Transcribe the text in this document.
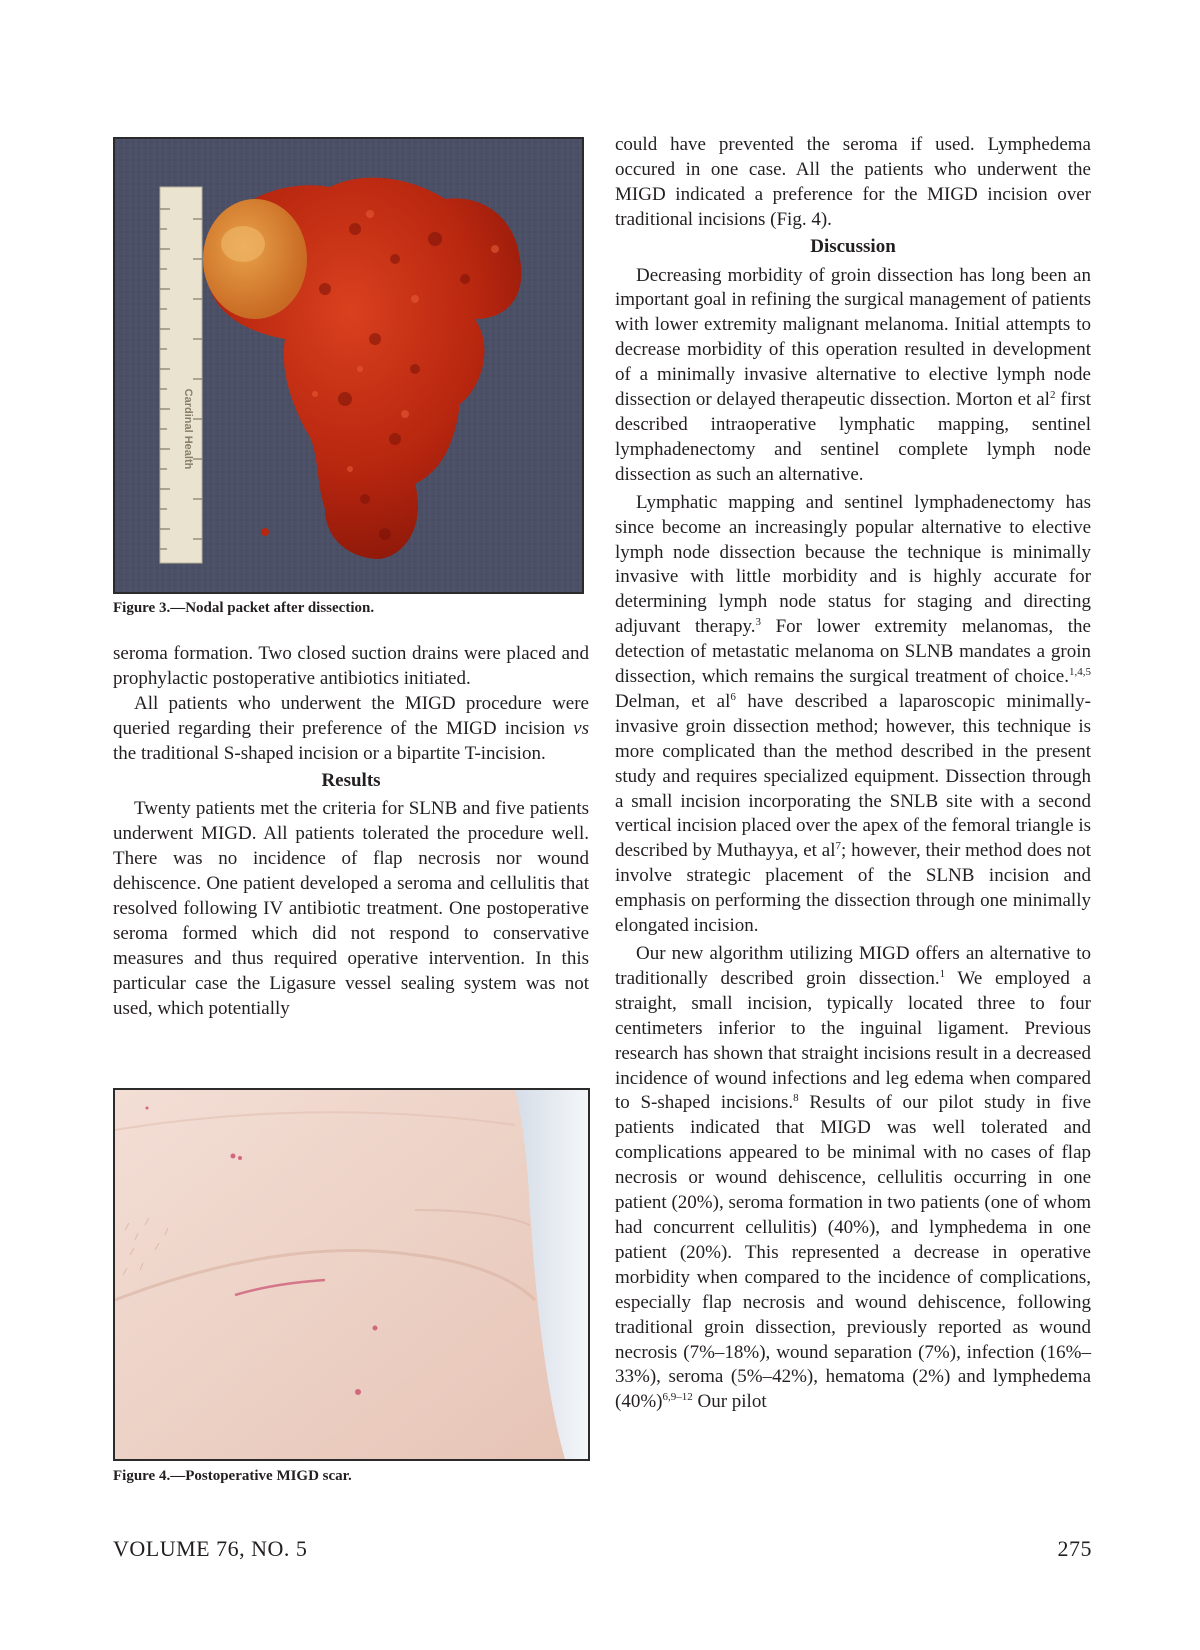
Cardinal Health
Figure 3.—Nodal packet after dissection.
Figure 4.—Postoperative MIGD scar.

seroma formation. Two closed suction drains were placed and prophylactic postoperative antibiotics initiated.

All patients who underwent the MIGD procedure were queried regarding their preference of the MIGD incision vs the traditional S-shaped incision or a bipartite T-incision.

Results

Twenty patients met the criteria for SLNB and five patients underwent MIGD. All patients tolerated the procedure well. There was no incidence of flap necrosis nor wound dehiscence. One patient developed a seroma and cellulitis that resolved following IV antibiotic treatment. One postoperative seroma formed which did not respond to conservative measures and thus required operative intervention. In this particular case the Ligasure vessel sealing system was not used, which potentially

could have prevented the seroma if used. Lymphedema occured in one case. All the patients who underwent the MIGD indicated a preference for the MIGD incision over traditional incisions (Fig. 4).

Discussion

Decreasing morbidity of groin dissection has long been an important goal in refining the surgical management of patients with lower extremity malignant melanoma. Initial attempts to decrease morbidity of this operation resulted in development of a minimally invasive alternative to elective lymph node dissection or delayed therapeutic dissection. Morton et $al^2$ first described intraoperative lymphatic mapping, sentinel lymphadenectomy and sentinel complete lymph node dissection as such an alternative.

Lymphatic mapping and sentinel lymphadenectomy has since become an increasingly popular alternative to elective lymph node dissection because the technique is minimally invasive with little morbidity and is highly accurate for determining lymph node status for staging and directing adjuvant therapy.$^3$ For lower extremity melanomas, the detection of metastatic melanoma on SLNB mandates a groin dissection, which remains the surgical treatment of choice.$^{1,4,5}$ Delman, et $al^6$ have described a laparoscopic minimally-invasive groin dissection method; however, this technique is more complicated than the method described in the present study and requires specialized equipment. Dissection through a small incision incorporating the SNLB site with a second vertical incision placed over the apex of the femoral triangle is described by Muthayya, et $al^7$; however, their method does not involve strategic placement of the SLNB incision and emphasis on performing the dissection through one minimally elongated incision.

Our new algorithm utilizing MIGD offers an alternative to traditionally described groin dissection.$^1$ We employed a straight, small incision, typically located three to four centimeters inferior to the inguinal ligament. Previous research has shown that straight incisions result in a decreased incidence of wound infections and leg edema when compared to S-shaped incisions.$^8$ Results of our pilot study in five patients indicated that MIGD was well tolerated and complications appeared to be minimal with no cases of flap necrosis or wound dehiscence, cellulitis occurring in one patient (20%), seroma formation in two patients (one of whom had concurrent cellulitis) (40%), and lymphedema in one patient (20%). This represented a decrease in operative morbidity when compared to the incidence of complications, especially flap necrosis and wound dehiscence, following traditional groin dissection, previously reported as wound necrosis (7%–18%), wound separation (7%), infection (16%–33%), seroma (5%–42%), hematoma (2%) and lymphedema $(40\%)^{6,9-12}$ Our pilot

VOLUME 76, NO. 5	275
